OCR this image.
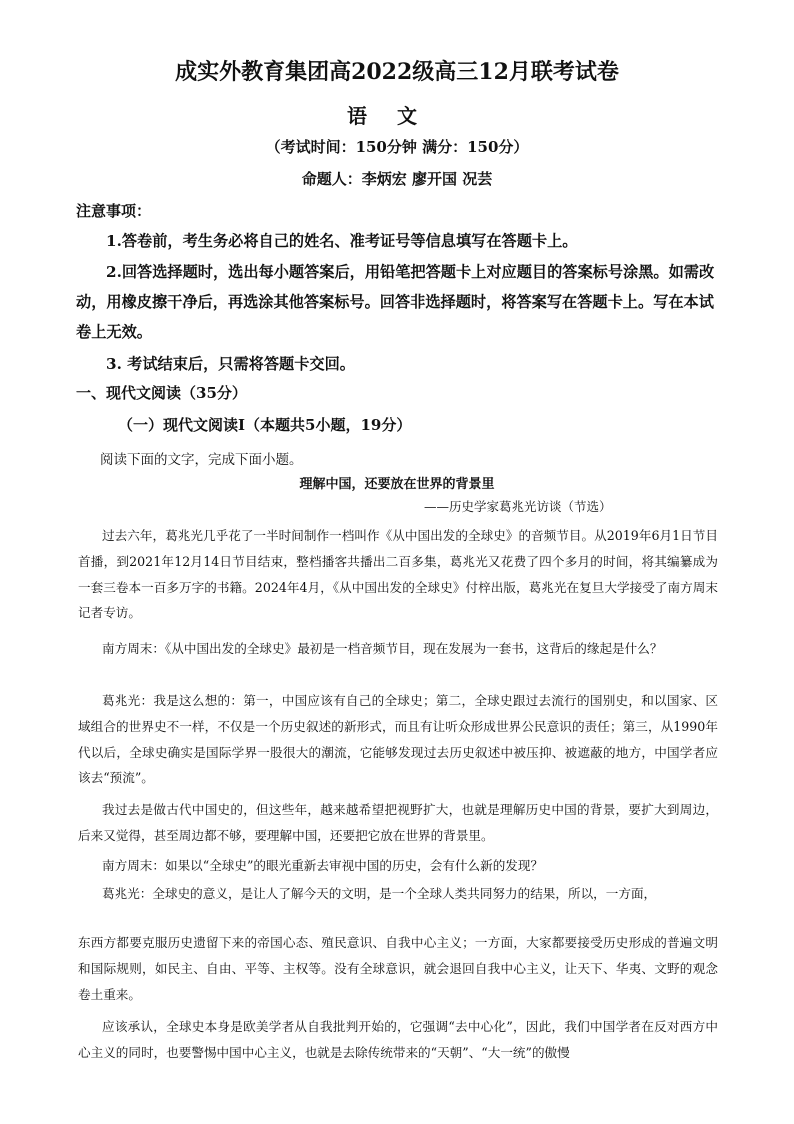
成实外教育集团高2022级高三12月联考试卷
语文
（考试时间：150分钟 满分：150分）
命题人：李炳宏 廖开国 况芸
注意事项：
1.答卷前，考生务必将自己的姓名、准考证号等信息填写在答题卡上。
2.回答选择题时，选出每小题答案后，用铅笔把答题卡上对应题目的答案标号涂黑。如需改动，用橡皮擦干净后，再选涂其他答案标号。回答非选择题时，将答案写在答题卡上。写在本试卷上无效。
3. 考试结束后，只需将答题卡交回。
一、现代文阅读（35分）
（一）现代文阅读I（本题共5小题，19分）
阅读下面的文字，完成下面小题。
理解中国，还要放在世界的背景里
——历史学家葛兆光访谈（节选）
过去六年，葛兆光几乎花了一半时间制作一档叫作《从中国出发的全球史》的音频节目。从2019年6月1日节目首播，到2021年12月14日节目结束，整档播客共播出二百多集，葛兆光又花费了四个多月的时间，将其编纂成为一套三卷本一百多万字的书籍。2024年4月，《从中国出发的全球史》付梓出版，葛兆光在复旦大学接受了南方周末记者专访。
南方周末：《从中国出发的全球史》最初是一档音频节目，现在发展为一套书，这背后的缘起是什么？
葛兆光：我是这么想的：第一，中国应该有自己的全球史；第二，全球史跟过去流行的国别史，和以国家、区域组合的世界史不一样，不仅是一个历史叙述的新形式，而且有让听众形成世界公民意识的责任；第三，从1990年代以后，全球史确实是国际学界一股很大的潮流，它能够发现过去历史叙述中被压抑、被遮蔽的地方，中国学者应该去“预流”。
我过去是做古代中国史的，但这些年，越来越希望把视野扩大，也就是理解历史中国的背景，要扩大到周边，后来又觉得，甚至周边都不够，要理解中国，还要把它放在世界的背景里。
南方周末：如果以“全球史”的眼光重新去审视中国的历史，会有什么新的发现？
葛兆光：全球史的意义，是让人了解今天的文明，是一个全球人类共同努力的结果，所以，一方面，
东西方都要克服历史遗留下来的帝国心态、殖民意识、自我中心主义；一方面，大家都要接受历史形成的普遍文明和国际规则，如民主、自由、平等、主权等。没有全球意识，就会退回自我中心主义，让天下、华夷、文野的观念卷土重来。
应该承认，全球史本身是欧美学者从自我批判开始的，它强调“去中心化”，因此，我们中国学者在反对西方中心主义的同时，也要警惕中国中心主义，也就是去除传统带来的“天朝”、“大一统”的傲慢
